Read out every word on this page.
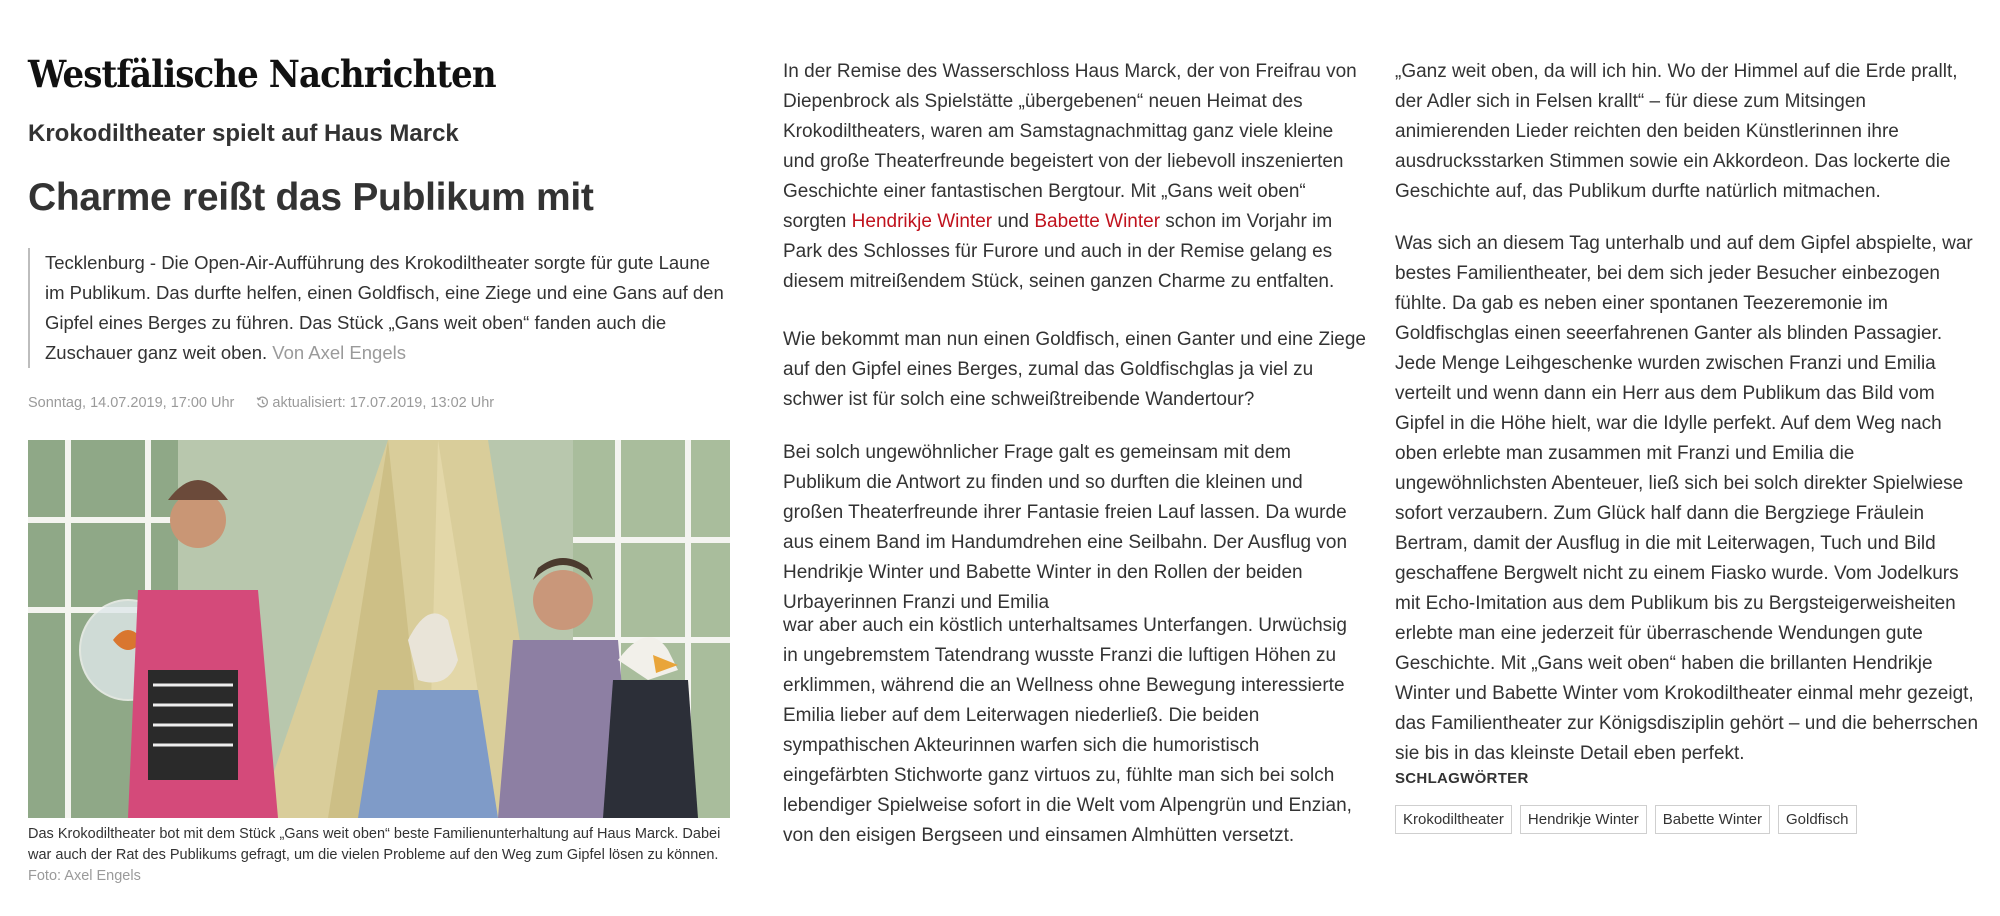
Westfälische Nachrichten
Krokodiltheater spielt auf Haus Marck
Charme reißt das Publikum mit
Tecklenburg - Die Open-Air-Aufführung des Krokodiltheater sorgte für gute Laune im Publikum. Das durfte helfen, einen Goldfisch, eine Ziege und eine Gans auf den Gipfel eines Berges zu führen. Das Stück „Gans weit oben“ fanden auch die Zuschauer ganz weit oben. Von Axel Engels
Sonntag, 14.07.2019, 17:00 Uhr	aktualisiert: 17.07.2019, 13:02 Uhr
Das Krokodiltheater bot mit dem Stück „Gans weit oben“ beste Familienunterhaltung auf Haus Marck. Dabei war auch der Rat des Publikums gefragt, um die vielen Probleme auf den Weg zum Gipfel lösen zu können.
Foto: Axel Engels

In der Remise des Wasserschloss Haus Marck, der von Freifrau von Diepenbrock als Spielstätte „übergebenen“ neuen Heimat des Krokodiltheaters, waren am Samstagnachmittag ganz viele kleine und große Theaterfreunde begeistert von der liebevoll inszenierten Geschichte einer fantastischen Bergtour. Mit „Gans weit oben“ sorgten Hendrikje Winter und Babette Winter schon im Vorjahr im Park des Schlosses für Furore und auch in der Remise gelang es diesem mitreißendem Stück, seinen ganzen Charme zu entfalten.

Wie bekommt man nun einen Goldfisch, einen Ganter und eine Ziege auf den Gipfel eines Berges, zumal das Goldfischglas ja viel zu schwer ist für solch eine schweißtreibende Wandertour?

Bei solch ungewöhnlicher Frage galt es gemeinsam mit dem Publikum die Antwort zu finden und so durften die kleinen und großen Theaterfreunde ihrer Fantasie freien Lauf lassen. Da wurde aus einem Band im Handumdrehen eine Seilbahn. Der Ausflug von Hendrikje Winter und Babette Winter in den Rollen der beiden Urbayerinnen Franzi und Emilia

war aber auch ein köstlich unterhaltsames Unterfangen. Urwüchsig in ungebremstem Tatendrang wusste Franzi die luftigen Höhen zu erklimmen, während die an Wellness ohne Bewegung interessierte Emilia lieber auf dem Leiterwagen niederließ. Die beiden sympathischen Akteurinnen warfen sich die humoristisch eingefärbten Stichworte ganz virtuos zu, fühlte man sich bei solch lebendiger Spielweise sofort in die Welt vom Alpengrün und Enzian, von den eisigen Bergseen und einsamen Almhütten versetzt.

„Ganz weit oben, da will ich hin. Wo der Himmel auf die Erde prallt, der Adler sich in Felsen krallt“ – für diese zum Mitsingen animierenden Lieder reichten den beiden Künstlerinnen ihre ausdrucksstarken Stimmen sowie ein Akkordeon. Das lockerte die Geschichte auf, das Publikum durfte natürlich mitmachen.

Was sich an diesem Tag unterhalb und auf dem Gipfel abspielte, war bestes Familientheater, bei dem sich jeder Besucher einbezogen fühlte. Da gab es neben einer spontanen Teezeremonie im Goldfischglas einen seeerfahrenen Ganter als blinden Passagier. Jede Menge Leihgeschenke wurden zwischen Franzi und Emilia verteilt und wenn dann ein Herr aus dem Publikum das Bild vom Gipfel in die Höhe hielt, war die Idylle perfekt. Auf dem Weg nach oben erlebte man zusammen mit Franzi und Emilia die ungewöhnlichsten Abenteuer, ließ sich bei solch direkter Spielwiese sofort verzaubern. Zum Glück half dann die Bergziege Fräulein Bertram, damit der Ausflug in die mit Leiterwagen, Tuch und Bild geschaffene Bergwelt nicht zu einem Fiasko wurde. Vom Jodelkurs mit Echo-Imitation aus dem Publikum bis zu Bergsteigerweisheiten erlebte man eine jederzeit für überraschende Wendungen gute Geschichte. Mit „Gans weit oben“ haben die brillanten Hendrikje Winter und Babette Winter vom Krokodiltheater einmal mehr gezeigt, das Familientheater zur Königsdisziplin gehört – und die beherrschen sie bis in das kleinste Detail eben perfekt.

SCHLAGWÖRTER
Krokodiltheater	Hendrikje Winter	Babette Winter	Goldfisch
